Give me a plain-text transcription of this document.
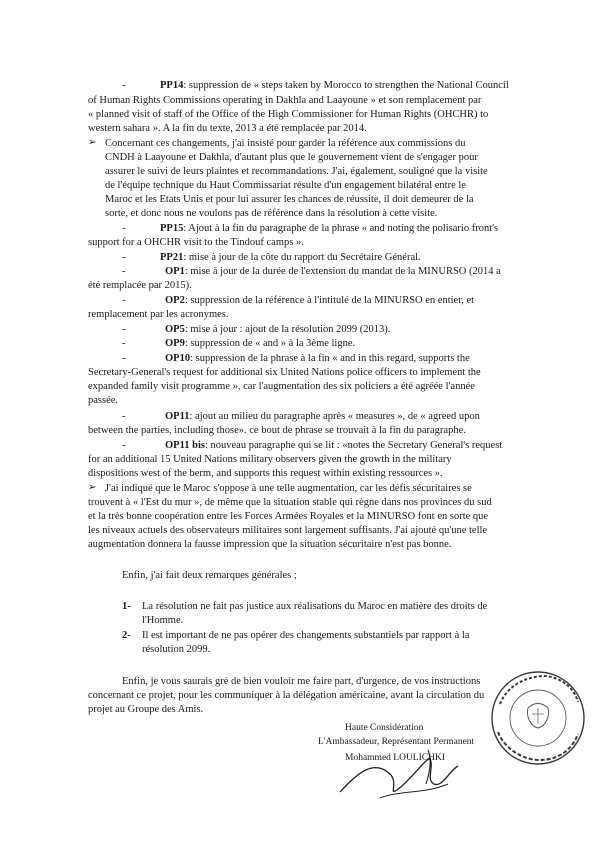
-	PP14: suppression de « steps taken by Morocco to strengthen the National Council
of Human Rights Commissions operating in Dakhla and Laayoune » et son remplacement par
« planned visit of staff of the Office of the High Commissioner for Human Rights (OHCHR) to
western sahara ». A la fin du texte, 2013 a été remplacée par 2014.
➢ Concernant ces changements, j'ai insisté pour garder la référence aux commissions du
CNDH à Laayoune et Dakhla, d'autant plus que le gouvernement vient de s'engager pour
assurer le suivi de leurs plaintes et recommandations. J'ai, également, souligné que la visite
de l'équipe technique du Haut Commissariat résulte d'un engagement bilatéral entre le
Maroc et les Etats Unis et pour lui assurer les chances de réussite, il doit demeurer de la
sorte, et donc nous ne voulons pas de référence dans la résolution à cette visite.
-	PP15: Ajout à la fin du paragraphe de la phrase « and noting the polisario front's
support for a OHCHR visit to the Tindouf camps ».
-	PP21: mise à jour de la côte du rapport du Secrétaire Général.
-	OP1: mise à jour de la durée de l'extension du mandat de la MINURSO (2014 a
été remplacée par 2015).
-	OP2: suppression de la référence à l'intitulé de la MINURSO en entier, et
remplacement par les acronymes.
-	OP5: mise à jour : ajout de la résolution 2099 (2013).
-	OP9: suppression de « and » à la 3ème ligne.
-	OP10: suppression de la phrase à la fin « and in this regard, supports the
Secretary-General's request for additional six United Nations police officers to implement the
expanded family visit programme », car l'augmentation des six policiers a été agréée l'année
passée.
-	OP11: ajout au milieu du paragraphe après « measures », de « agreed upon
between the parties, including those». ce bout de phrase se trouvait à la fin du paragraphe.
-	OP11 bis: nouveau paragraphe qui se lit : «notes the Secretary General's request
for an additional 15 United Nations military observers given the growth in the military
dispositions west of the berm, and supports this request within existing ressources ».
➢ J'ai indiqué que le Maroc s'oppose à une telle augmentation, car les défis sécuritaires se
trouvent à « l'Est du mur », de même que la situation stable qui règne dans nos provinces du sud
et la très bonne coopération entre les Forces Armées Royales et la MINURSO font en sorte que
les niveaux actuels des observateurs militaires sont largement suffisants. J'ai ajouté qu'une telle
augmentation donnera la fausse impression que la situation sécuritaire n'est pas bonne.
Enfin, j'ai fait deux remarques générales ;
1- La résolution ne fait pas justice aux réalisations du Maroc en matière des droits de
l'Homme.
2- Il est important de ne pas opérer des changements substantiels par rapport à la
résolution 2099.
Enfin, je vous saurais gré de bien vouloir me faire part, d'urgence, de vos instructions
concernant ce projet, pour les communiquer à la délégation américaine, avant la circulation du
projet au Groupe des Amis.
Haute Considération
L'Ambassadeur, Représentant Permanent
Mohammed LOULICHKI
